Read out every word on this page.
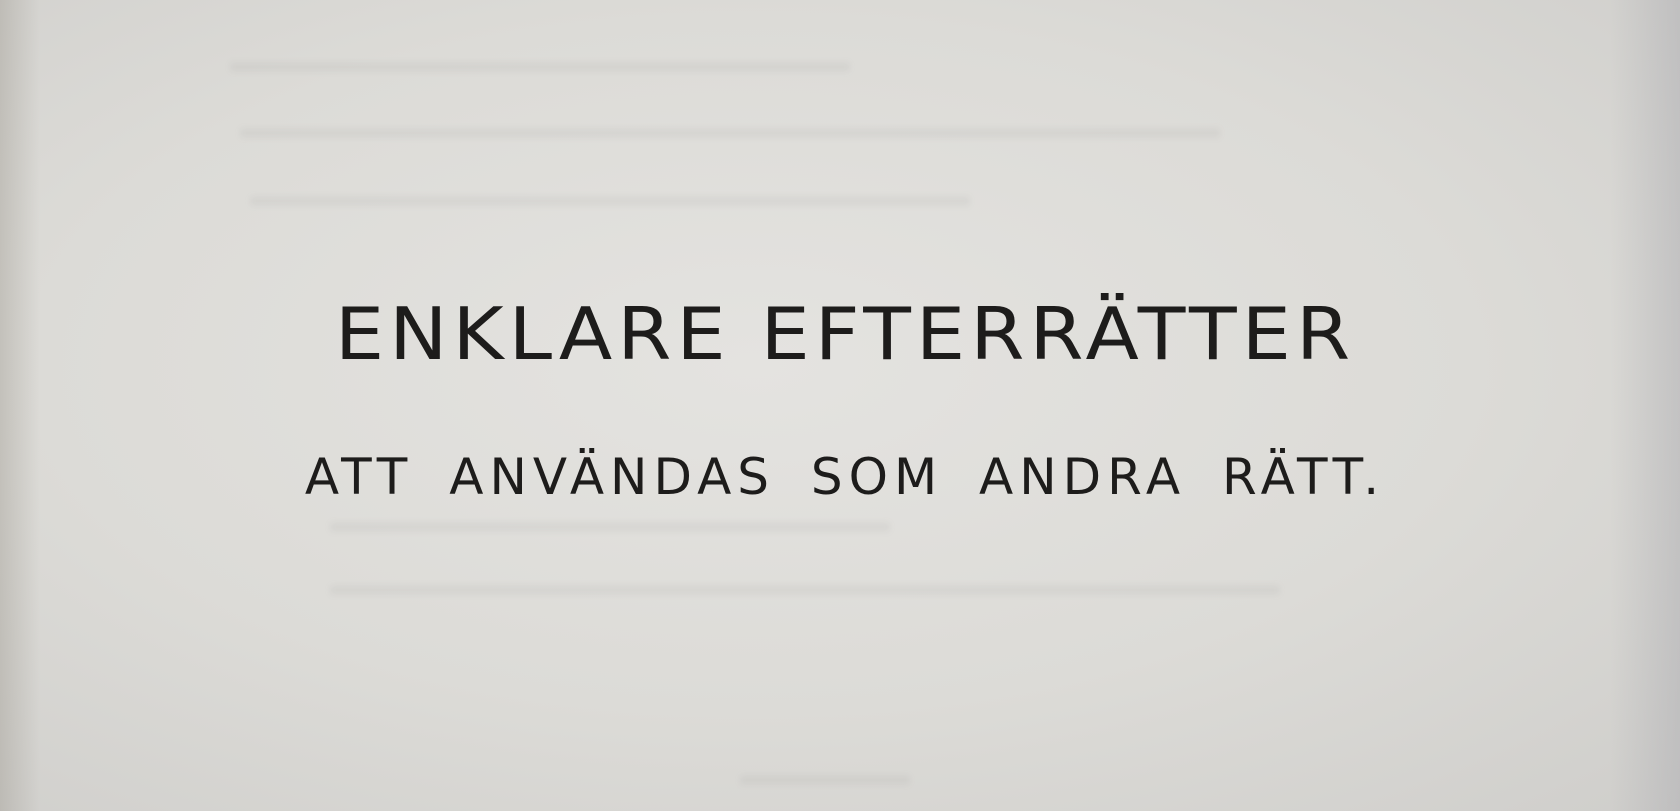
ENKLARE EFTERRÄTTER
ATT ANVÄNDAS SOM ANDRA RÄTT.
